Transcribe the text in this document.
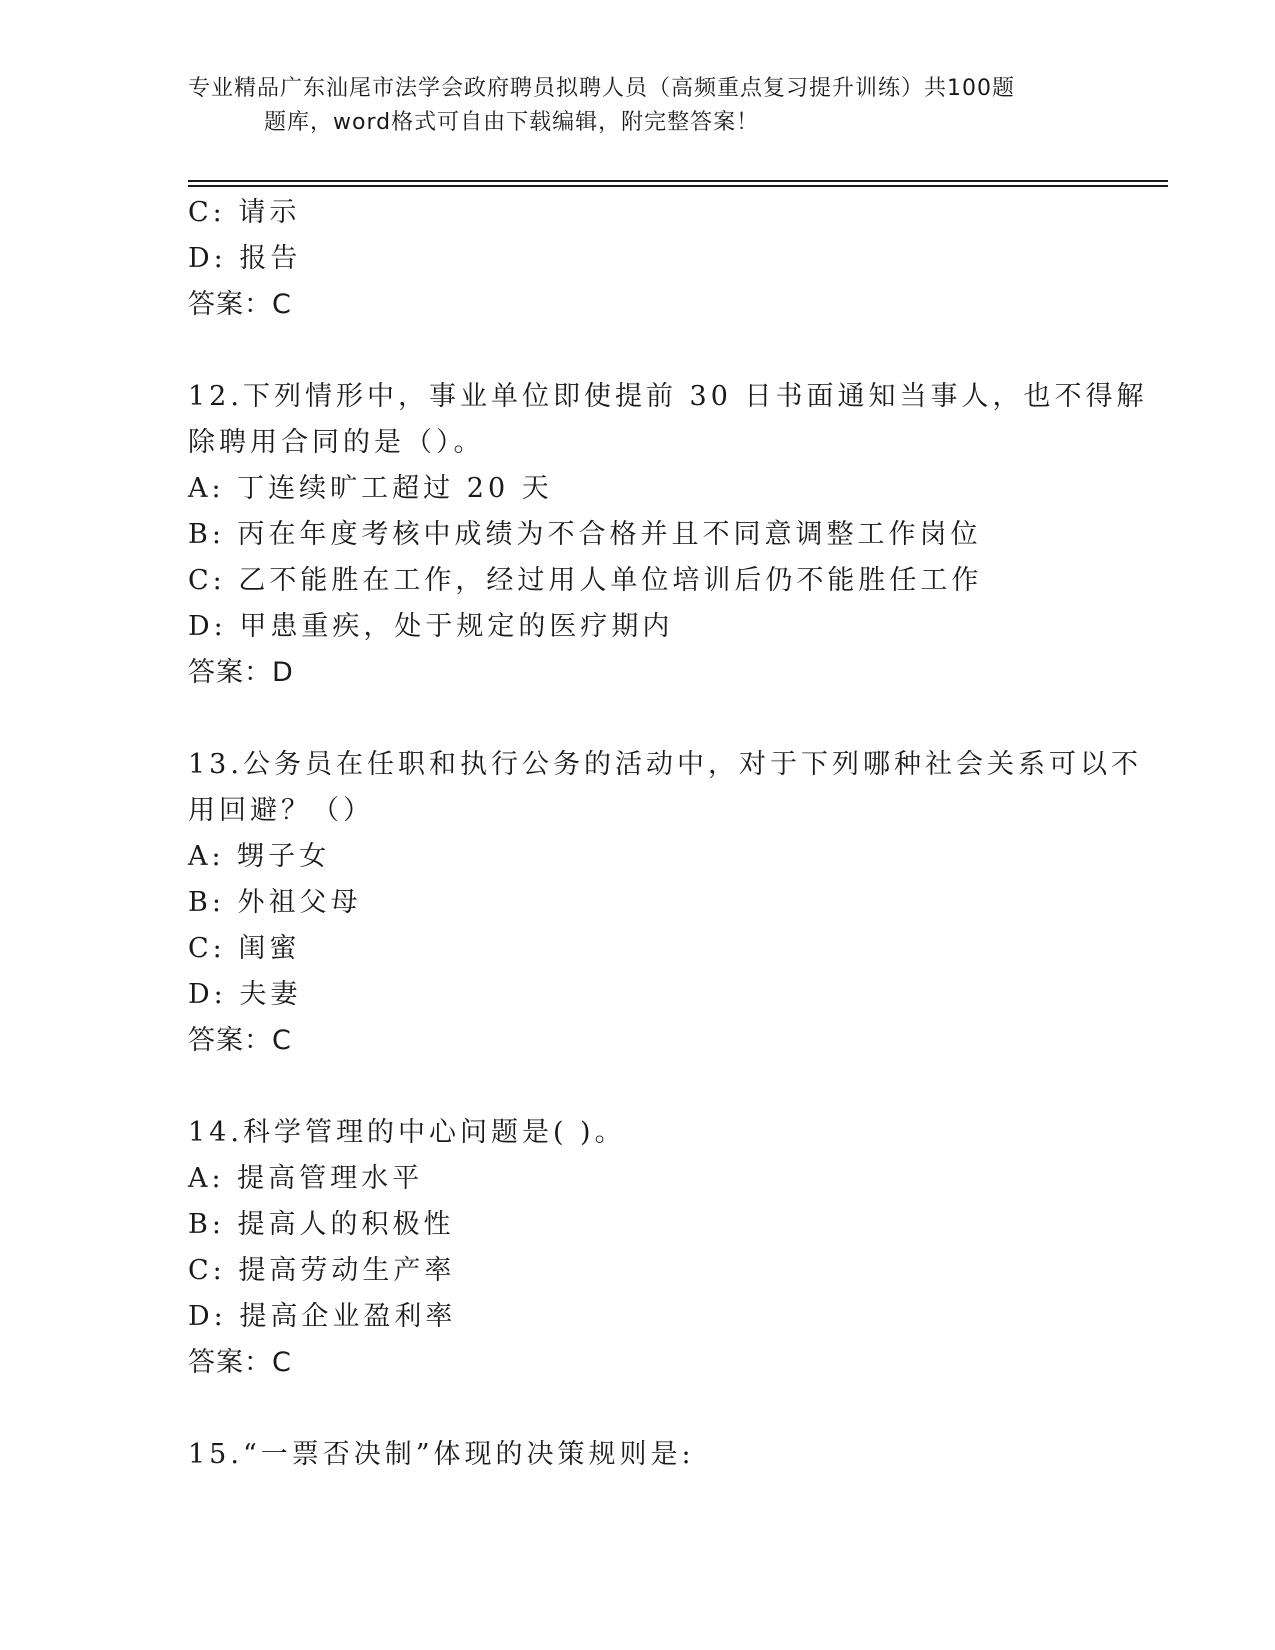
专业精品广东汕尾市法学会政府聘员拟聘人员（高频重点复习提升训练）共100题
题库，word格式可自由下载编辑，附完整答案！
C: 请示
D: 报告
答案：C
12.下列情形中，事业单位即使提前 30 日书面通知当事人，也不得解
除聘用合同的是（）。
A: 丁连续旷工超过 20 天
B: 丙在年度考核中成绩为不合格并且不同意调整工作岗位
C: 乙不能胜在工作，经过用人单位培训后仍不能胜任工作
D: 甲患重疾，处于规定的医疗期内
答案：D
13.公务员在任职和执行公务的活动中，对于下列哪种社会关系可以不
用回避？（）
A: 甥子女
B: 外祖父母
C: 闺蜜
D: 夫妻
答案：C
14.科学管理的中心问题是( )。
A: 提高管理水平
B: 提高人的积极性
C: 提高劳动生产率
D: 提高企业盈利率
答案：C
15.“一票否决制”体现的决策规则是:
